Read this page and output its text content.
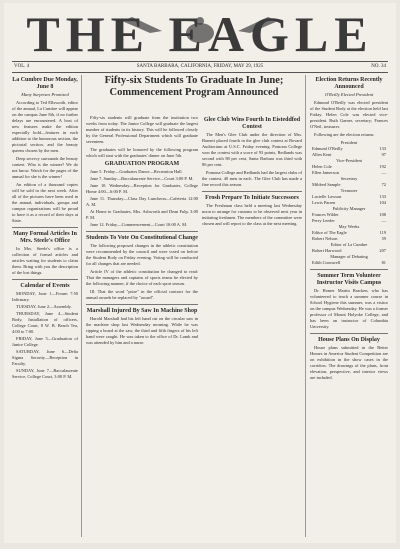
THE EAGLE
VOL. 4	SANTA BARBARA, CALIFORNIA, FRIDAY, MAY 29, 1925	NO. 34
La Cumbre Due Monday, June 8
Many Surprises Promised

According to Ted Ellsworth, editor of the annual, La Cumbre will appear on the campus June 8th, if no further delays are encountered. A host of new features make the edition especially bold—features in each addition to the humorous section, the pictorial section, and the beauty queens chosen by the men.

Deep secrecy surrounds the beauty contest. Who is the winner? We do not know. Watch for the pages of the annual for she is the winner!

An edition of a thousand copies will be sold in the next week. After all of the pictures have been used in the annual, individuals, groups and campus organizations will be proud to have it as a record of their days at State.

Many Formal Articles In Mrs. Steele's Office

In Mrs. Steele's office is a collection of formal articles and articles waiting for students to claim them. Bring with you the description of the lost things.

Calendar of Events

MONDAY, June 1—Forum 7:50 Infirmary.

TUESDAY, June 2—Assembly.

THURSDAY, June 4—Student Body, Installation of officers, College Court, 8 W. B. Beach Tea, 4:00 to 7:00.

FRIDAY, June 5—Graduation of Junior College.

SATURDAY, June 6—Delta Sigma Sorority—Reception in Faculty.

SUNDAY, June 7—Baccalaureate Service, College Court, 3:00 P. M.

Fifty-six Students To Graduate In June; Commencement Program Announced

Fifty-six students will graduate from the institution two weeks from today. The Junior College will graduate the largest number of students in its history. This will be followed closely by the General Professional Department which will graduate seventeen.

The graduates will be honored by the following program which will start with the graduates' dinner on June 5th.

GRADUATION PROGRAM

June 5. Friday—Graduates Dance—Recreation Hall.

June 7. Sunday—Baccalaureate Service—Court 3:00 P. M.

June 10. Wednesday—Reception for Graduates, College Home 4:00—6:00 P. M.

June 11. Thursday—Class Day Luncheon—Cafeteria 12:00 A. M.

At Home to Graduates, Mrs. Ashworth and Dean Fulp, 3:00 P. M.

June 12. Friday—Commencement—Court 10:00 A. M.

Students To Vote On Constitutional Change

The following proposed changes in the athletic constitution were recommended by the council and were voted on before the Student Body on Friday evening. Voting will be conducted for all changes that are needed.

Article IV of the athletic constitution be changed to read: That the managers and captains of sports teams be elected by the following manner, if the choice of each sport season.

III. That the word "prize" in the official contract for the annual awards be replaced by "award".

Marshall Injured By Saw In Machine Shop

Harold Marshall had his left hand cut on the circular saw in the machine shop last Wednesday morning. While he was ripping a board at the saw, the third and fifth fingers of his left hand were caught. He was taken to the office of Dr. Lamb and was attended by him and a nurse.

Glee Club Wins Fourth In Eisteddfod Contest

The Men's Glee Club under the direction of Mrs. Barnett placed fourth in the glee club contest at Bovard Auditorium at U.S.C. Friday evening. Pomona College won the contest with a score of 93 points, Redlands was second with 88 per cent, Santa Barbara was third with 86 per cent.

Pomona College and Redlands had the largest clubs of the contest, 40 men in each. The Glee Club has made a fine record this season.

Frosh Prepare To Initiate Successors

The Freshman class held a meeting last Wednesday noon to arrange for customs to be observed next year in initiating freshmen. The members of the committee were chosen and will report to the class at the next meeting.

Election Returns Recently Announced
O'Reilly Elected President

Edmund O'Reilly was elected president of the Student Body at the election held last Friday. Helen Cole was elected vice-president. Ruth Garner, secretary; Frances O'Neil, treasurer.

Following are the election returns:

President
Edmund O'Reilly	133
Allen Kent	97
Vice-President
Helen Cole	192
Ellen Jamerson	—
Secretary
Mildred Sample	72
Treasurer
Lucielle Lawson	133
Lewis Parren	104
Publicity Manager
Frances Wilder	108
Perry Leeder	—
May Weeks
Editor of The Eagle	119
Robert Nelson	59
Editor of La Cumbre
Robert Harwood	207
Manager of Debating
Edith Cromwell	81
Summer Term Volunteer Instructor Visits Campus

Dr. Homer Martin Bracken, who has volunteered to teach a summer course in School Hygiene this summer, was a visitor on the campus Wednesday. He was a former professor of Mount Holyoke College, and has been an instructor of Columbia University.

House Plans On Display

House plans submitted in the Better Homes in America Student Competition are on exhibition in the show cases in the corridors. The drawings of the plans, front elevation, perspective, and interior views are included.
